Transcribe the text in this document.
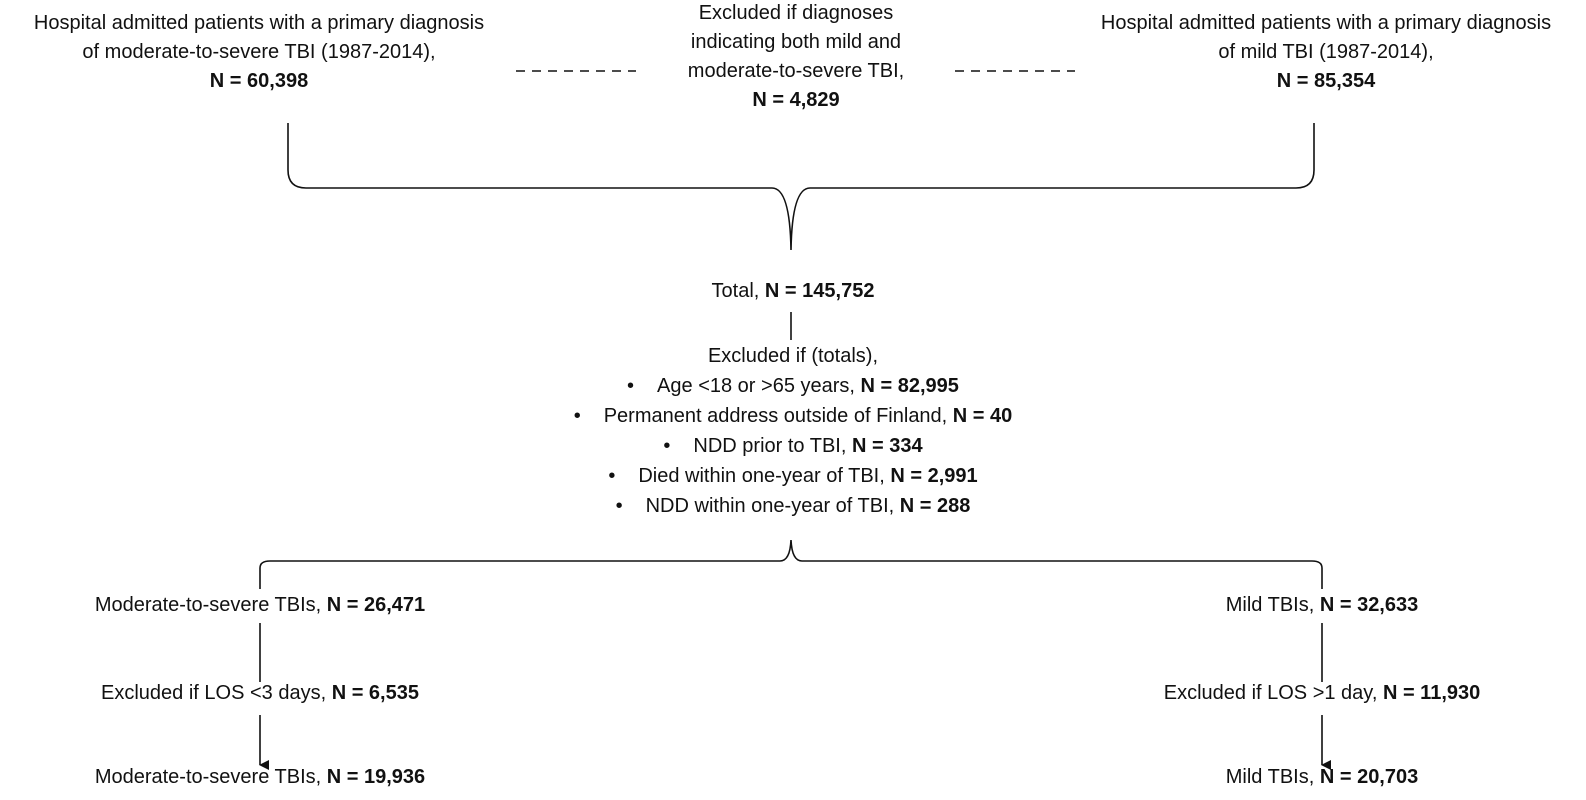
Hospital admitted patients with a primary diagnosis
of moderate-to-severe TBI (1987-2014),
N = 60,398
Excluded if diagnoses
indicating both mild and
moderate-to-severe TBI,
N = 4,829
Hospital admitted patients with a primary diagnosis
of mild TBI (1987-2014),
N = 85,354
Total, N = 145,752
Excluded if (totals),
• Age <18 or >65 years, N = 82,995
• Permanent address outside of Finland, N = 40
• NDD prior to TBI, N = 334
• Died within one-year of TBI, N = 2,991
• NDD within one-year of TBI, N = 288
Moderate-to-severe TBIs, N = 26,471
Excluded if LOS <3 days, N = 6,535
Moderate-to-severe TBIs, N = 19,936
Mild TBIs, N = 32,633
Excluded if LOS >1 day, N = 11,930
Mild TBIs, N = 20,703
